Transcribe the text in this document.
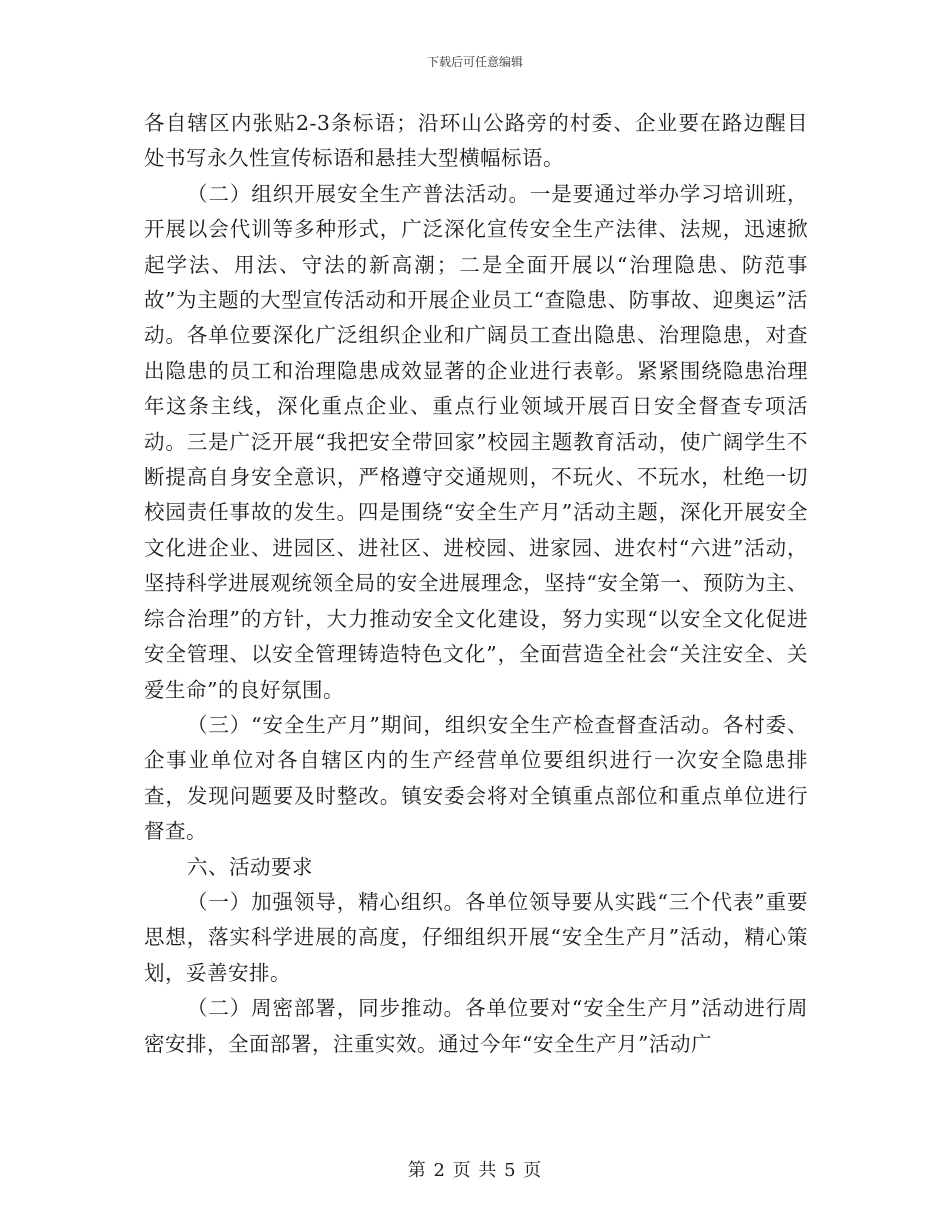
下载后可任意编辑

各自辖区内张贴2-3条标语；沿环山公路旁的村委、企业要在路边醒目处书写永久性宣传标语和悬挂大型横幅标语。

（二）组织开展安全生产普法活动。一是要通过举办学习培训班，开展以会代训等多种形式，广泛深化宣传安全生产法律、法规，迅速掀起学法、用法、守法的新高潮；二是全面开展以“治理隐患、防范事故”为主题的大型宣传活动和开展企业员工“查隐患、防事故、迎奥运”活动。各单位要深化广泛组织企业和广阔员工查出隐患、治理隐患，对查出隐患的员工和治理隐患成效显著的企业进行表彰。紧紧围绕隐患治理年这条主线，深化重点企业、重点行业领域开展百日安全督查专项活动。三是广泛开展“我把安全带回家”校园主题教育活动，使广阔学生不断提高自身安全意识，严格遵守交通规则，不玩火、不玩水，杜绝一切校园责任事故的发生。四是围绕“安全生产月”活动主题，深化开展安全文化进企业、进园区、进社区、进校园、进家园、进农村“六进”活动，坚持科学进展观统领全局的安全进展理念，坚持“安全第一、预防为主、综合治理”的方针，大力推动安全文化建设，努力实现“以安全文化促进安全管理、以安全管理铸造特色文化”，全面营造全社会“关注安全、关爱生命”的良好氛围。

（三）“安全生产月”期间，组织安全生产检查督查活动。各村委、企事业单位对各自辖区内的生产经营单位要组织进行一次安全隐患排查，发现问题要及时整改。镇安委会将对全镇重点部位和重点单位进行督查。

六、活动要求

（一）加强领导，精心组织。各单位领导要从实践“三个代表”重要思想，落实科学进展的高度，仔细组织开展“安全生产月”活动，精心策划，妥善安排。

（二）周密部署，同步推动。各单位要对“安全生产月”活动进行周密安排，全面部署，注重实效。通过今年“安全生产月”活动广

第 2 页 共 5 页
